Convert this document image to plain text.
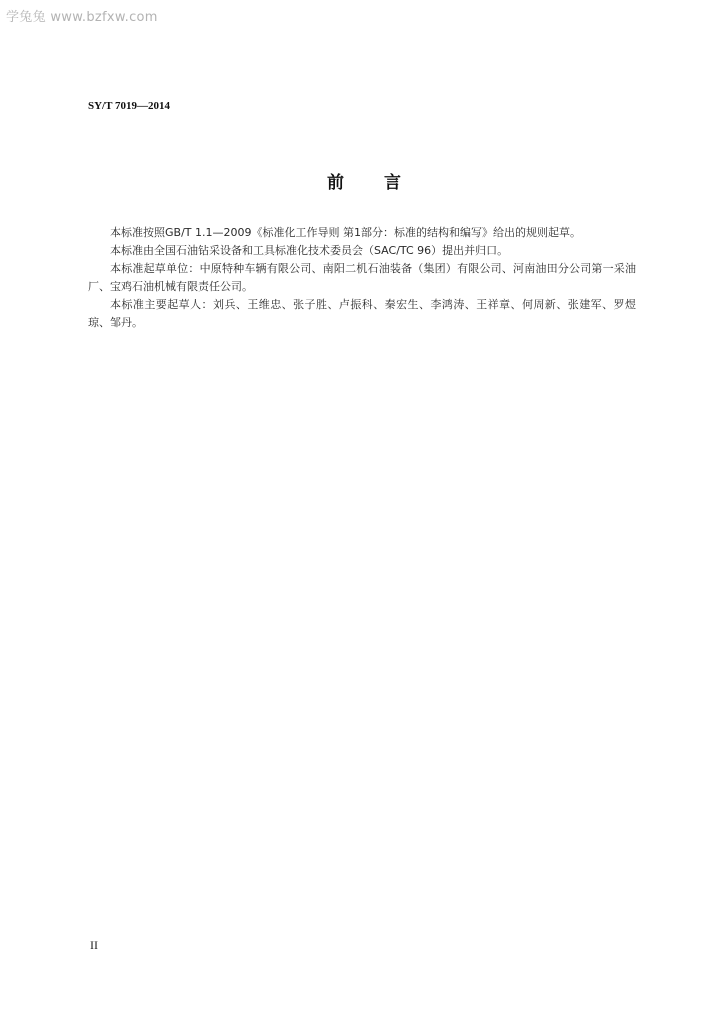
学兔兔 www.bzfxw.com
SY/T 7019—2014
前 言

本标准按照GB/T 1.1—2009《标准化工作导则 第1部分：标准的结构和编写》给出的规则起草。

本标准由全国石油钻采设备和工具标准化技术委员会（SAC/TC 96）提出并归口。

本标准起草单位：中原特种车辆有限公司、南阳二机石油装备（集团）有限公司、河南油田分公司第一采油厂、宝鸡石油机械有限责任公司。

本标准主要起草人：刘兵、王维忠、张子胜、卢振科、秦宏生、李鸿涛、王祥章、何周新、张建军、罗煜琼、邹丹。

II
